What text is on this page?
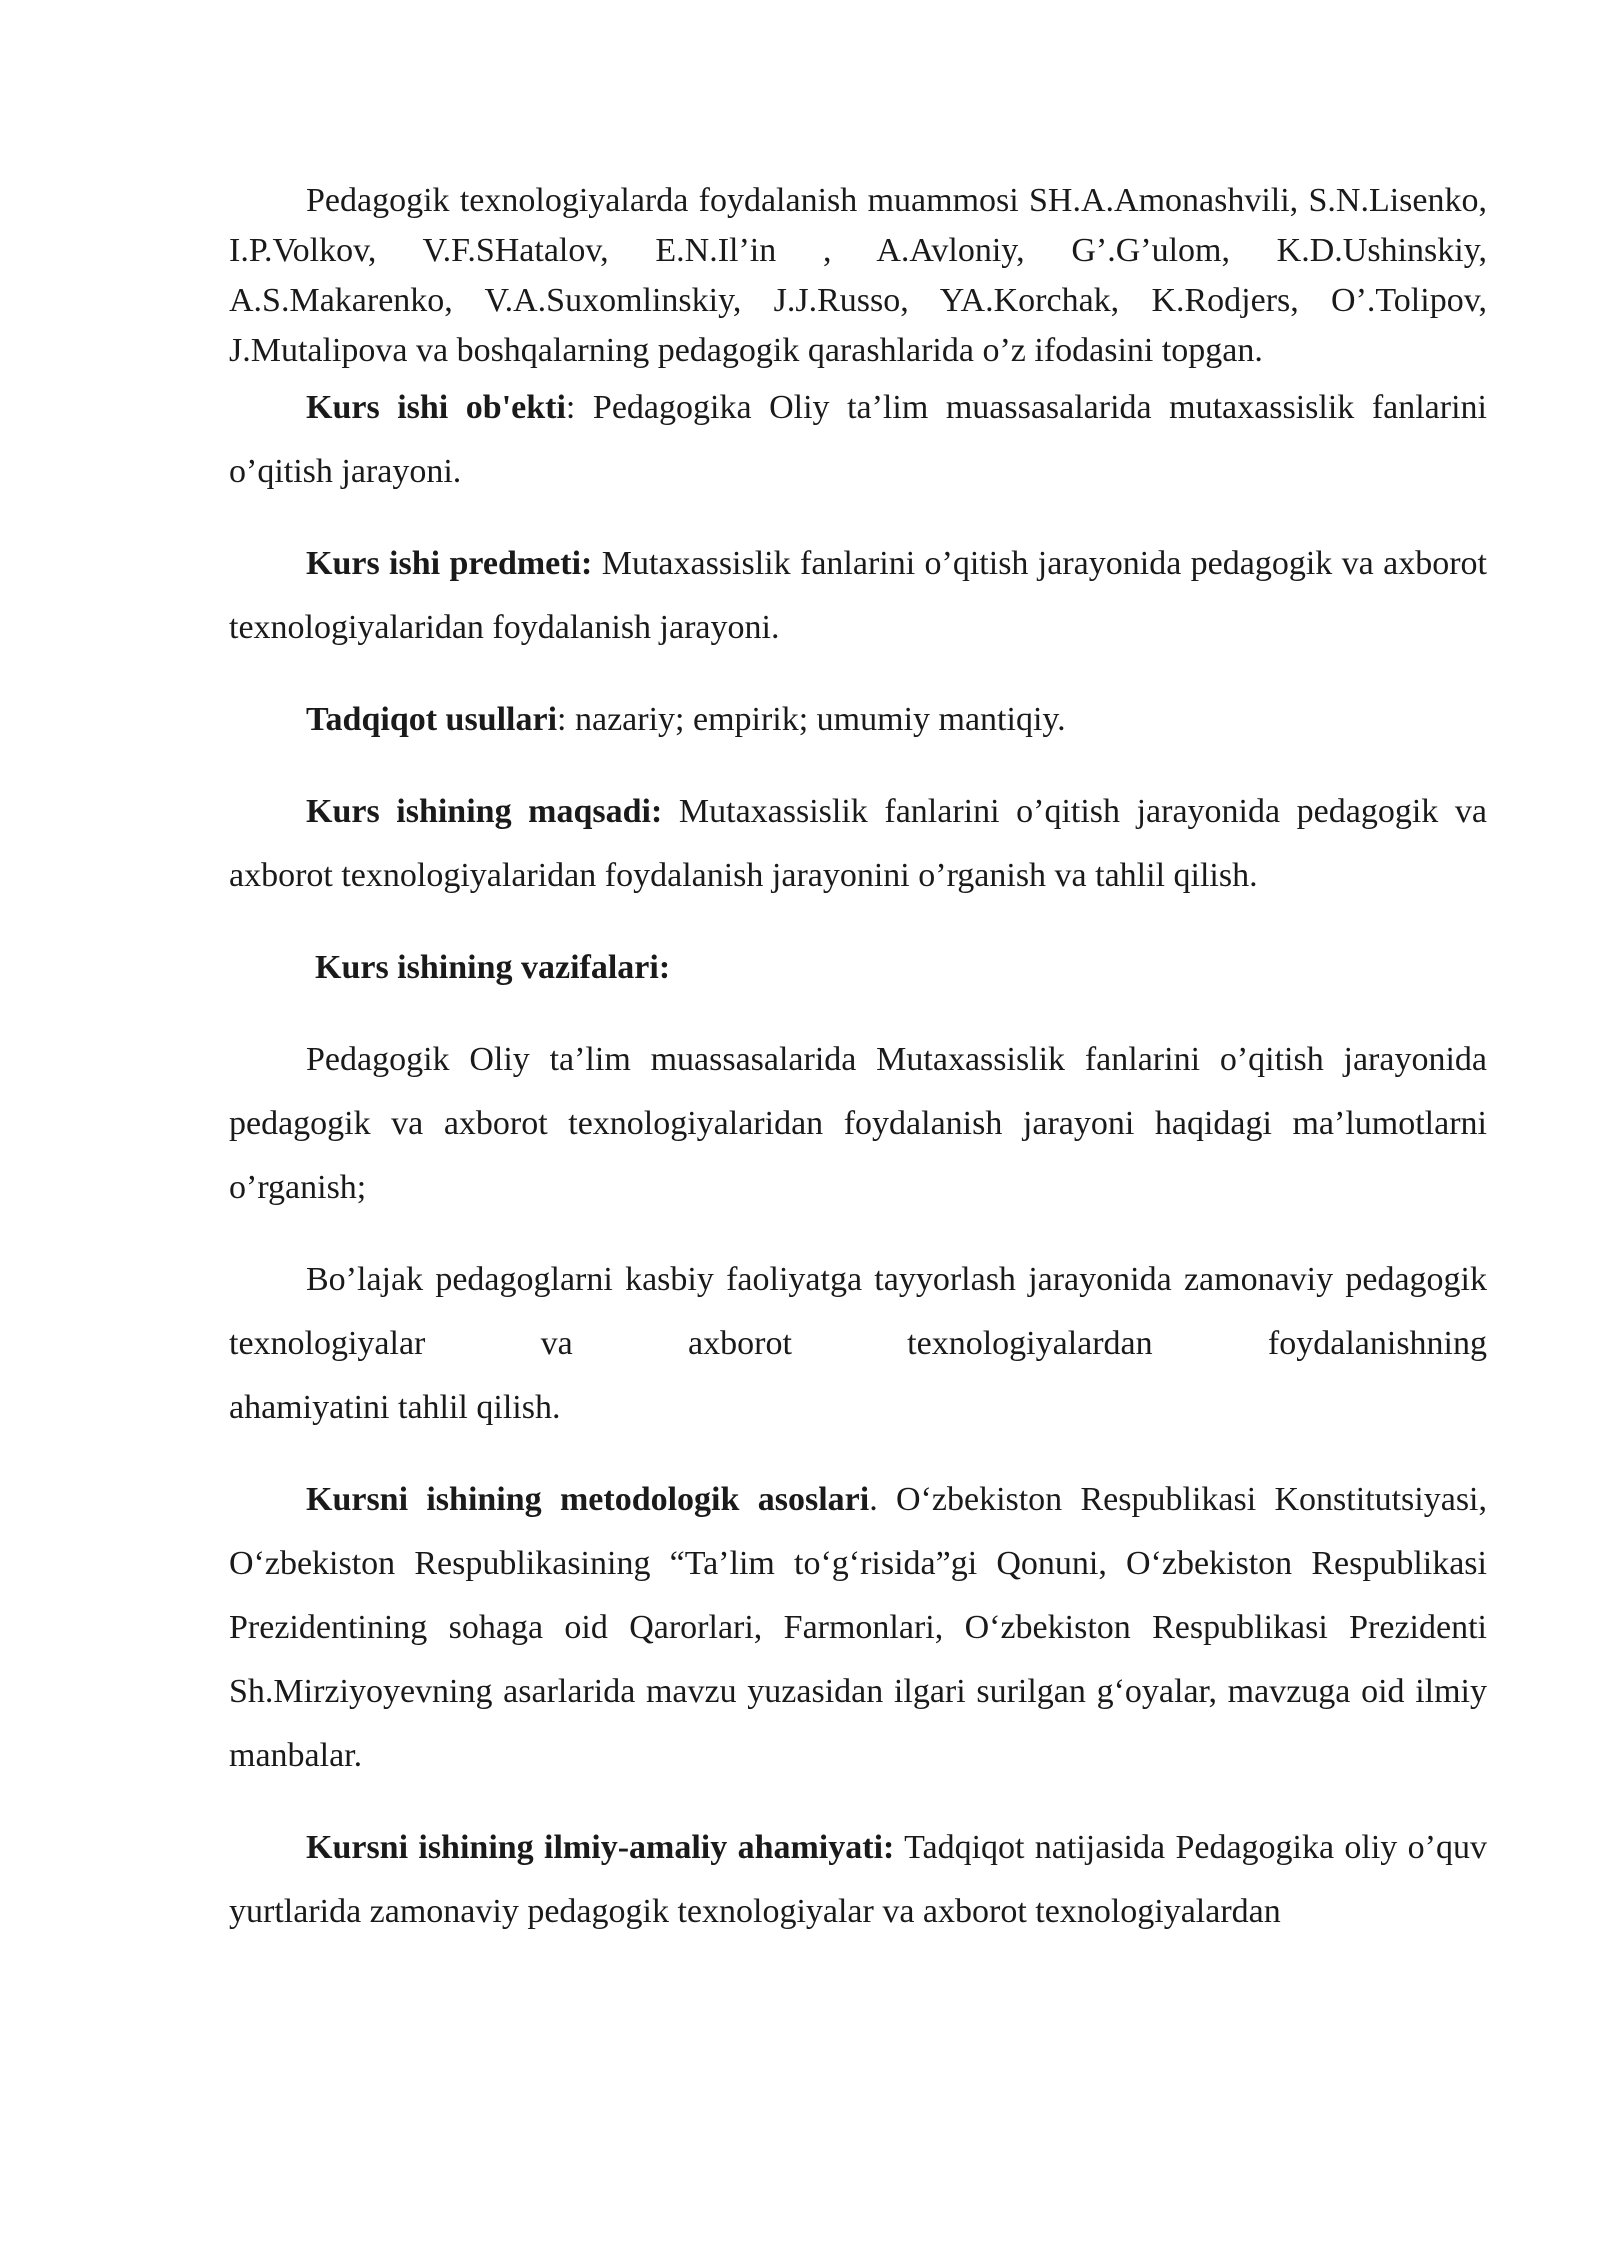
Pedagogik texnologiyalarda foydalanish muammosi SH.A.Amonashvili, S.N.Lisenko, I.P.Volkov, V.F.SHatalov, E.N.Il’in , A.Avloniy, G’.G’ulom, K.D.Ushinskiy, A.S.Makarenko, V.A.Suxomlinskiy, J.J.Russo, YA.Korchak, K.Rodjers, O’.Tolipov, J.Mutalipova va boshqalarning pedagogik qarashlarida o’z ifodasini topgan.

Kurs ishi ob'ekti: Pedagogika Oliy ta’lim muassasalarida mutaxassislik fanlarini o’qitish jarayoni.

Kurs ishi predmeti: Mutaxassislik fanlarini o’qitish jarayonida pedagogik va axborot texnologiyalaridan foydalanish jarayoni.

Tadqiqot usullari: nazariy; empirik; umumiy mantiqiy.

Kurs ishining maqsadi: Mutaxassislik fanlarini o’qitish jarayonida pedagogik va axborot texnologiyalaridan foydalanish jarayonini o’rganish va tahlil qilish.

Kurs ishining vazifalari:

Pedagogik Oliy ta’lim muassasalarida Mutaxassislik fanlarini o’qitish jarayonida pedagogik va axborot texnologiyalaridan foydalanish jarayoni haqidagi ma’lumotlarni o’rganish;

Bo’lajak pedagoglarni kasbiy faoliyatga tayyorlash jarayonida zamonaviy pedagogik texnologiyalar va axborot texnologiyalardan foydalanishning

ahamiyatini tahlil qilish.

Kursni ishining metodologik asoslari. O‘zbekiston Respublikasi Konstitutsiyasi, O‘zbekiston Respublikasining “Ta’lim to‘g‘risida”gi Qonuni, O‘zbekiston Respublikasi Prezidentining sohaga oid Qarorlari, Farmonlari, O‘zbekiston Respublikasi Prezidenti Sh.Mirziyoyevning asarlarida mavzu yuzasidan ilgari surilgan g‘oyalar, mavzuga oid ilmiy manbalar.

Kursni ishining ilmiy-amaliy ahamiyati: Tadqiqot natijasida Pedagogika oliy o’quv yurtlarida zamonaviy pedagogik texnologiyalar va axborot texnologiyalardan
